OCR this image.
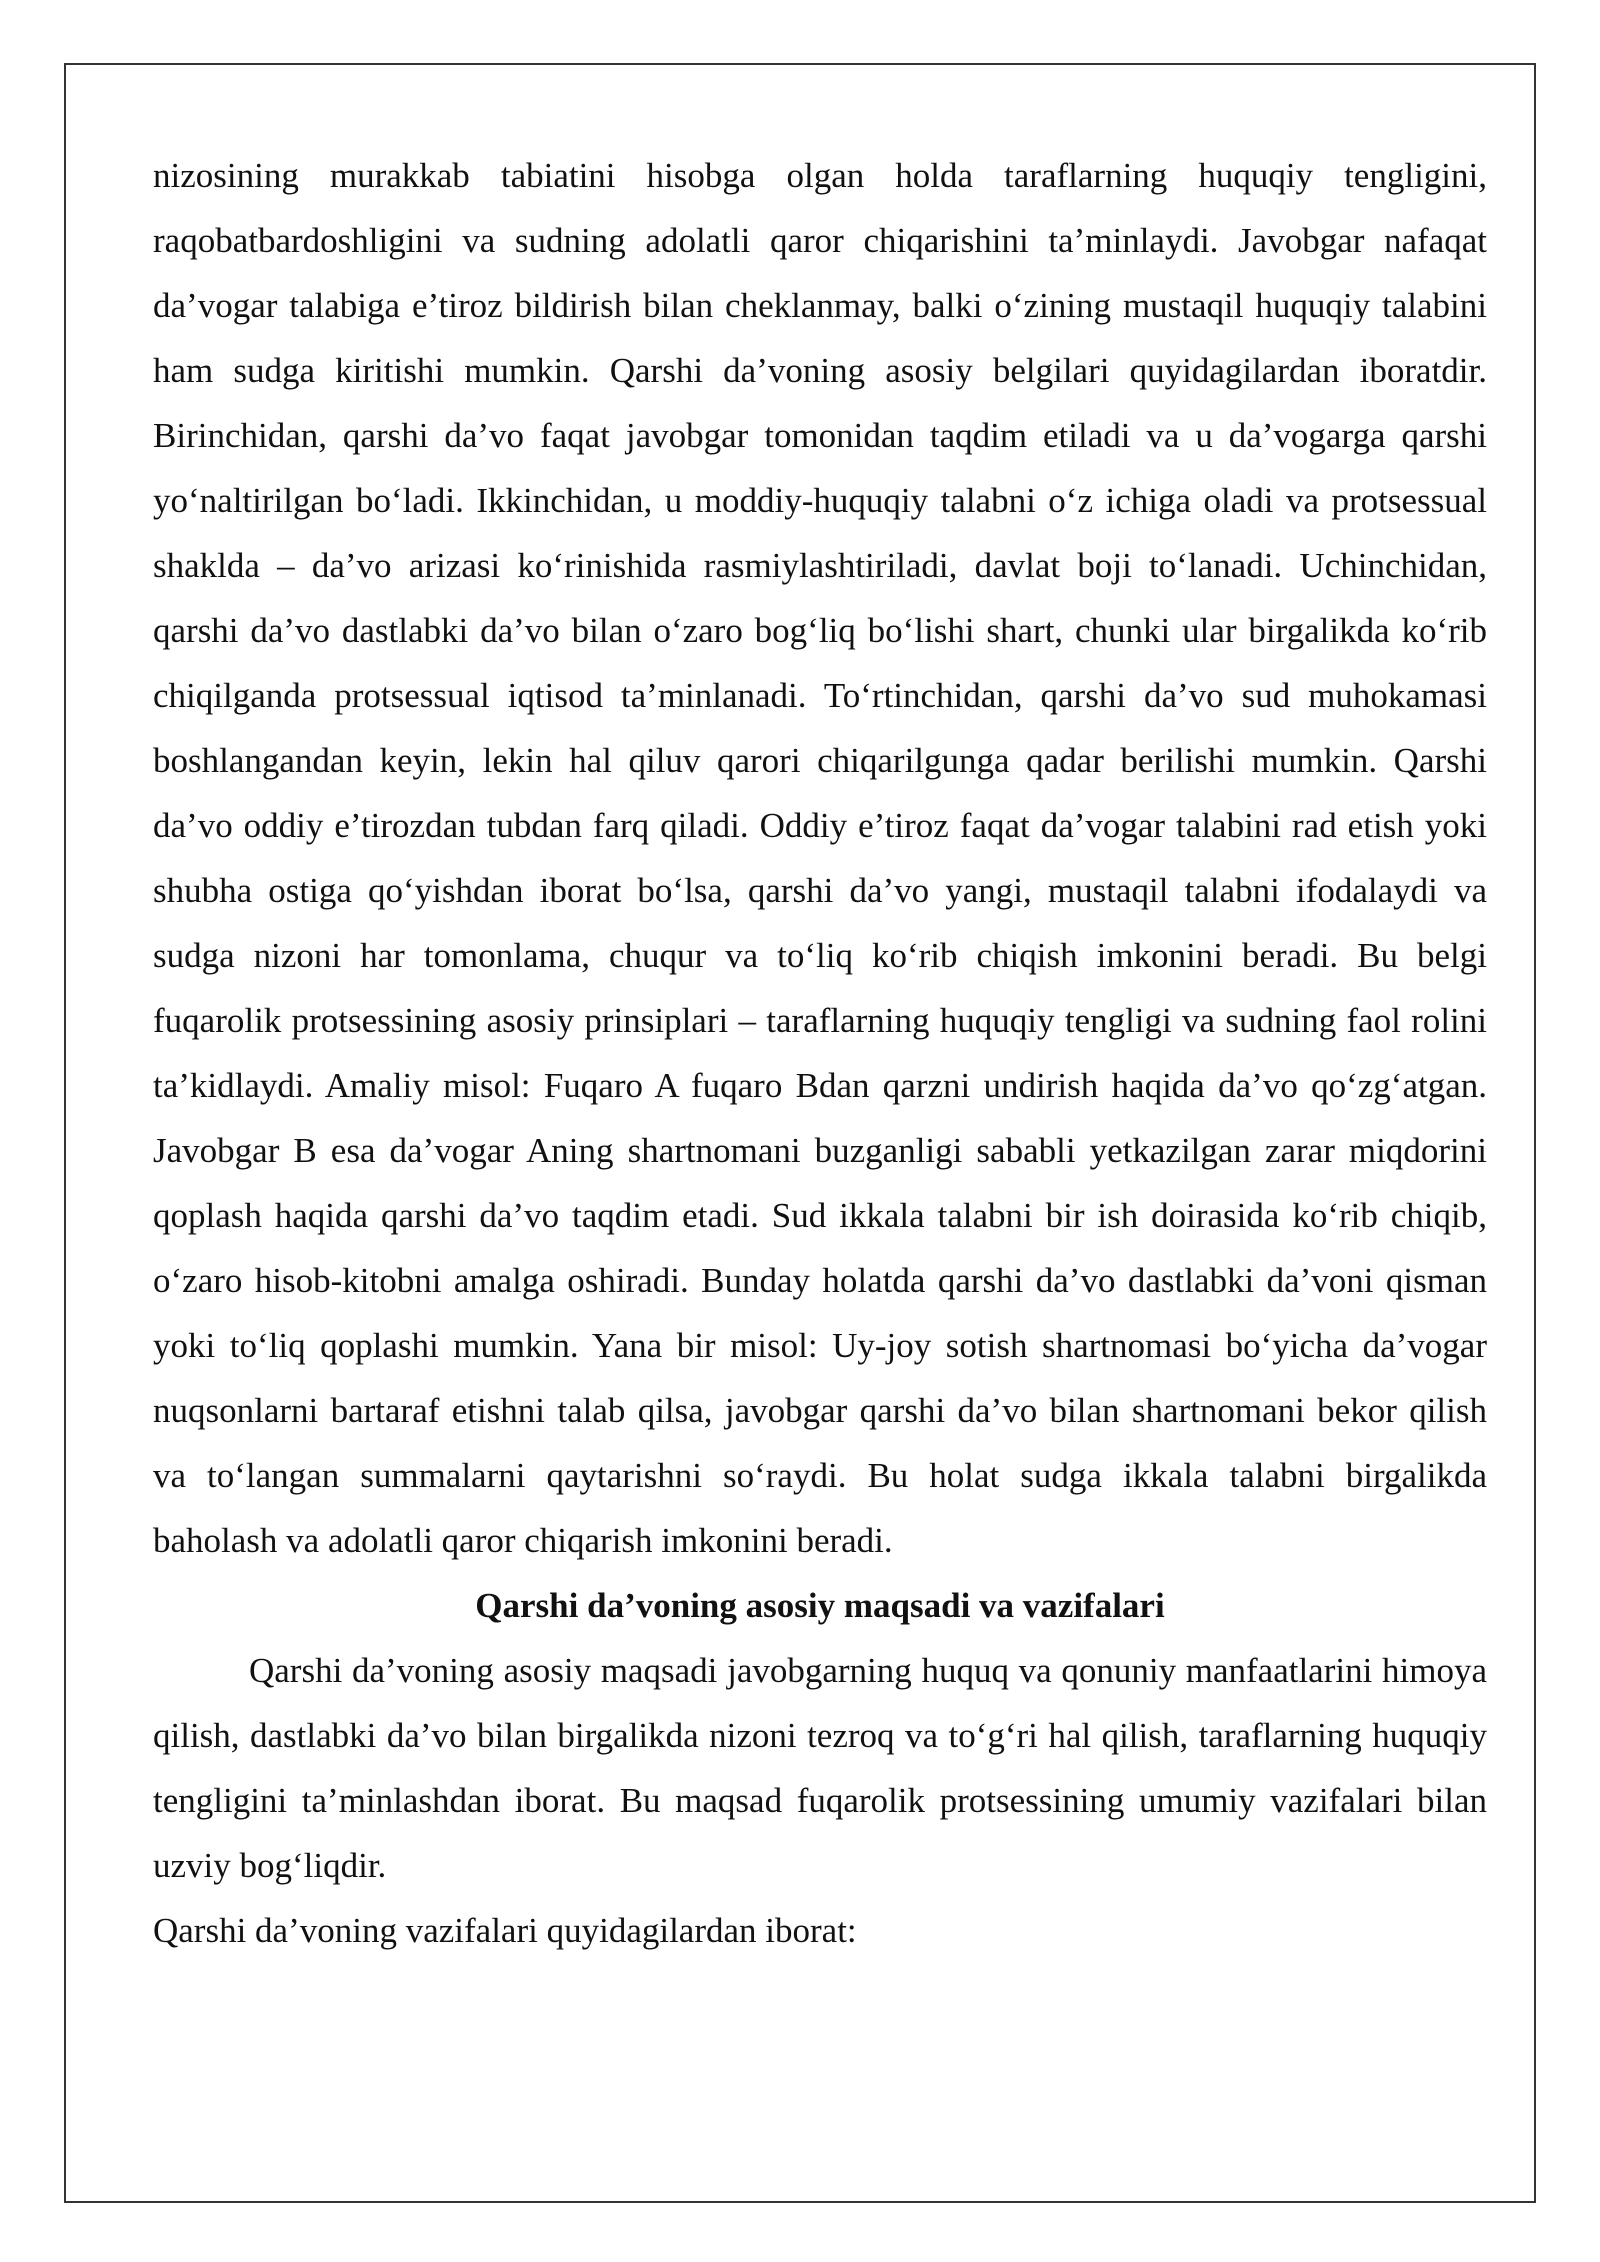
nizosining murakkab tabiatini hisobga olgan holda taraflarning huquqiy tengligini, raqobatbardoshligini va sudning adolatli qaror chiqarishini ta’minlaydi. Javobgar nafaqat da’vogar talabiga e’tiroz bildirish bilan cheklanmay, balki o‘zining mustaqil huquqiy talabini ham sudga kiritishi mumkin. Qarshi da’voning asosiy belgilari quyidagilardan iboratdir. Birinchidan, qarshi da’vo faqat javobgar tomonidan taqdim etiladi va u da’vogarga qarshi yo‘naltirilgan bo‘ladi. Ikkinchidan, u moddiy-huquqiy talabni o‘z ichiga oladi va protsessual shaklda – da’vo arizasi ko‘rinishida rasmiylashtiriladi, davlat boji to‘lanadi. Uchinchidan, qarshi da’vo dastlabki da’vo bilan o‘zaro bog‘liq bo‘lishi shart, chunki ular birgalikda ko‘rib chiqilganda protsessual iqtisod ta’minlanadi. To‘rtinchidan, qarshi da’vo sud muhokamasi boshlangandan keyin, lekin hal qiluv qarori chiqarilgunga qadar berilishi mumkin. Qarshi da’vo oddiy e’tirozdan tubdan farq qiladi. Oddiy e’tiroz faqat da’vogar talabini rad etish yoki shubha ostiga qo‘yishdan iborat bo‘lsa, qarshi da’vo yangi, mustaqil talabni ifodalaydi va sudga nizoni har tomonlama, chuqur va to‘liq ko‘rib chiqish imkonini beradi. Bu belgi fuqarolik protsessining asosiy prinsiplari – taraflarning huquqiy tengligi va sudning faol rolini ta’kidlaydi. Amaliy misol: Fuqaro A fuqaro Bdan qarzni undirish haqida da’vo qo‘zg‘atgan. Javobgar B esa da’vogar Aning shartnomani buzganligi sababli yetkazilgan zarar miqdorini qoplash haqida qarshi da’vo taqdim etadi. Sud ikkala talabni bir ish doirasida ko‘rib chiqib, o‘zaro hisob-kitobni amalga oshiradi. Bunday holatda qarshi da’vo dastlabki da’voni qisman yoki to‘liq qoplashi mumkin. Yana bir misol: Uy-joy sotish shartnomasi bo‘yicha da’vogar nuqsonlarni bartaraf etishni talab qilsa, javobgar qarshi da’vo bilan shartnomani bekor qilish va to‘langan summalarni qaytarishni so‘raydi. Bu holat sudga ikkala talabni birgalikda baholash va adolatli qaror chiqarish imkonini beradi.

Qarshi da’voning asosiy maqsadi va vazifalari

Qarshi da’voning asosiy maqsadi javobgarning huquq va qonuniy manfaatlarini himoya qilish, dastlabki da’vo bilan birgalikda nizoni tezroq va to‘g‘ri hal qilish, taraflarning huquqiy tengligini ta’minlashdan iborat. Bu maqsad fuqarolik protsessining umumiy vazifalari bilan uzviy bog‘liqdir.

Qarshi da’voning vazifalari quyidagilardan iborat:
